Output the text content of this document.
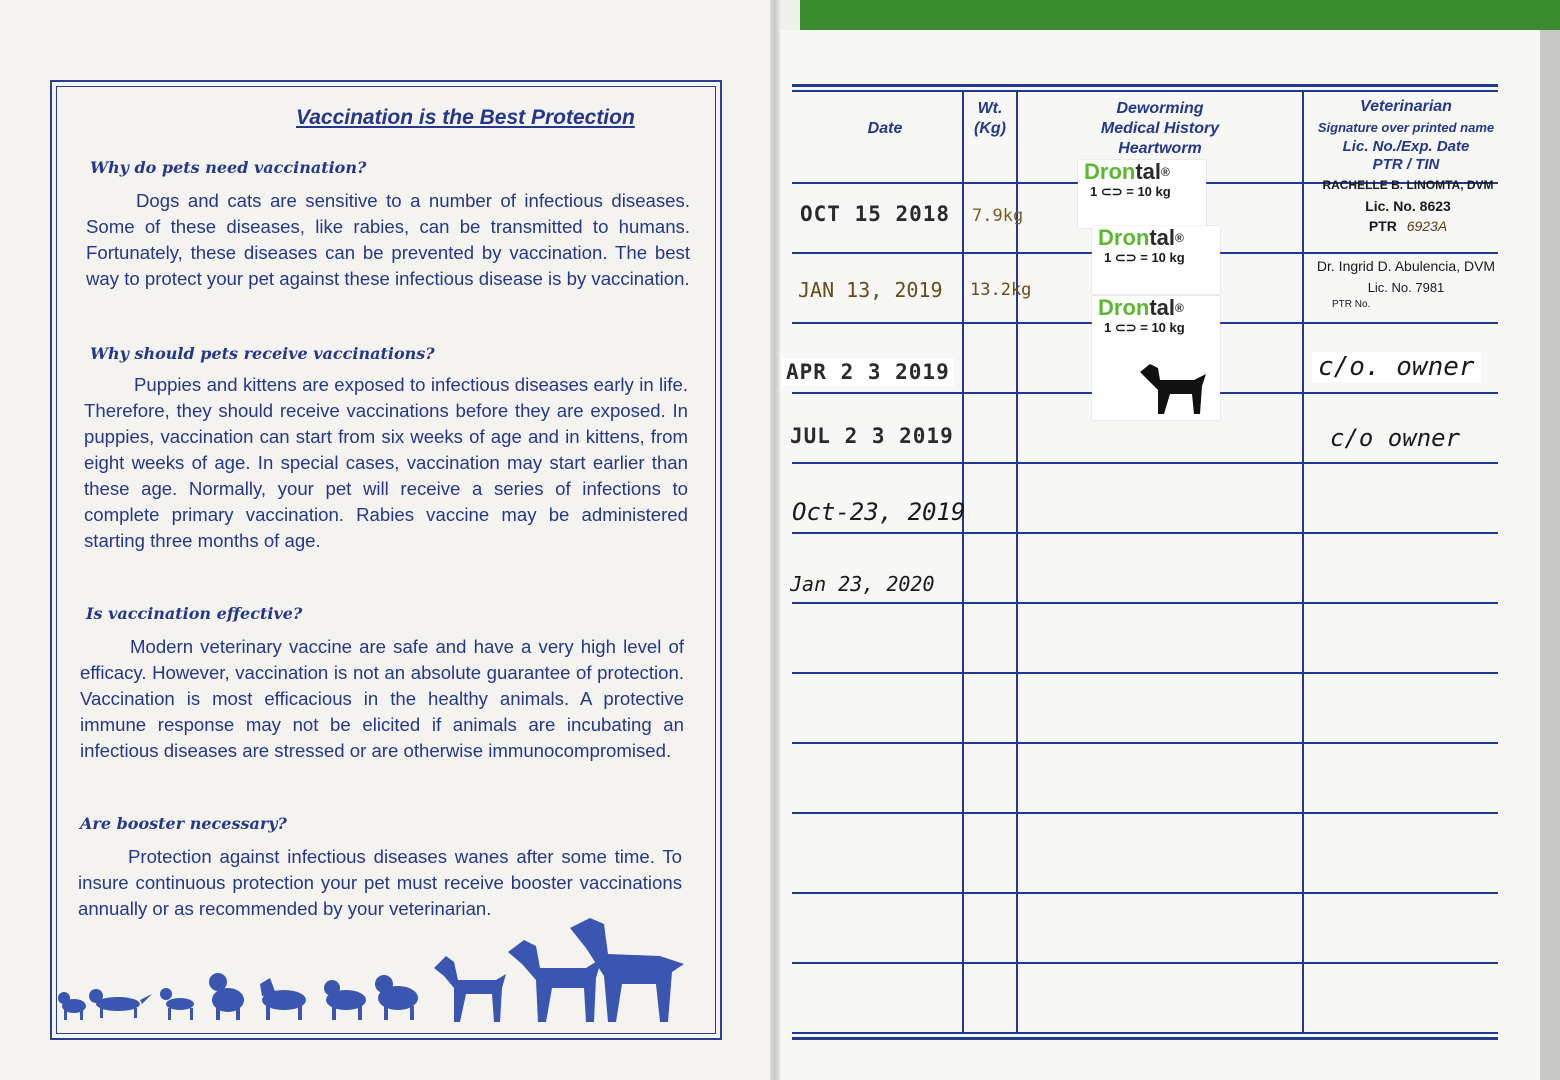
Vaccination is the Best Protection
Why do pets need vaccination?

Dogs and cats are sensitive to a number of infectious diseases. Some of these diseases, like rabies, can be transmitted to humans. Fortunately, these diseases can be prevented by vaccination. The best way to protect your pet against these infectious disease is by vaccination.

Why should pets receive vaccinations?

Puppies and kittens are exposed to infectious diseases early in life. Therefore, they should receive vaccinations before they are exposed. In puppies, vaccination can start from six weeks of age and in kittens, from eight weeks of age. In special cases, vaccination may start earlier than these age. Normally, your pet will receive a series of infections to complete primary vaccination. Rabies vaccine may be administered starting three months of age.

Is vaccination effective?

Modern veterinary vaccine are safe and have a very high level of efficacy. However, vaccination is not an absolute guarantee of protection. Vaccination is most efficacious in the healthy animals. A protective immune response may not be elicited if animals are incubating an infectious diseases are stressed or are otherwise immunocompromised.

Are booster necessary?

Protection against infectious diseases wanes after some time. To insure continuous protection your pet must receive booster vaccinations annually or as recommended by your veterinarian.

Date
Wt.
(Kg)
Deworming
Medical History
Heartworm
Veterinarian
Signature over printed name
Lic. No./Exp. Date
PTR / TIN
OCT 15 2018 7.9kg
JAN 13, 2019 13.2kg
APR 2 3 2019
JUL 2 3 2019
Oct-23, 2019
Jan 23, 2020
Drontal®
1 ⊂⊃ = 10 kg
Drontal®
1 ⊂⊃ = 10 kg
Drontal®
1 ⊂⊃ = 10 kg
RACHELLE B. LINOMTA, DVM
Lic. No. 8623
PTR 6923A
Dr. Ingrid D. Abulencia, DVM
Lic. No. 7981
PTR No.
c/o. owner
c/o owner
